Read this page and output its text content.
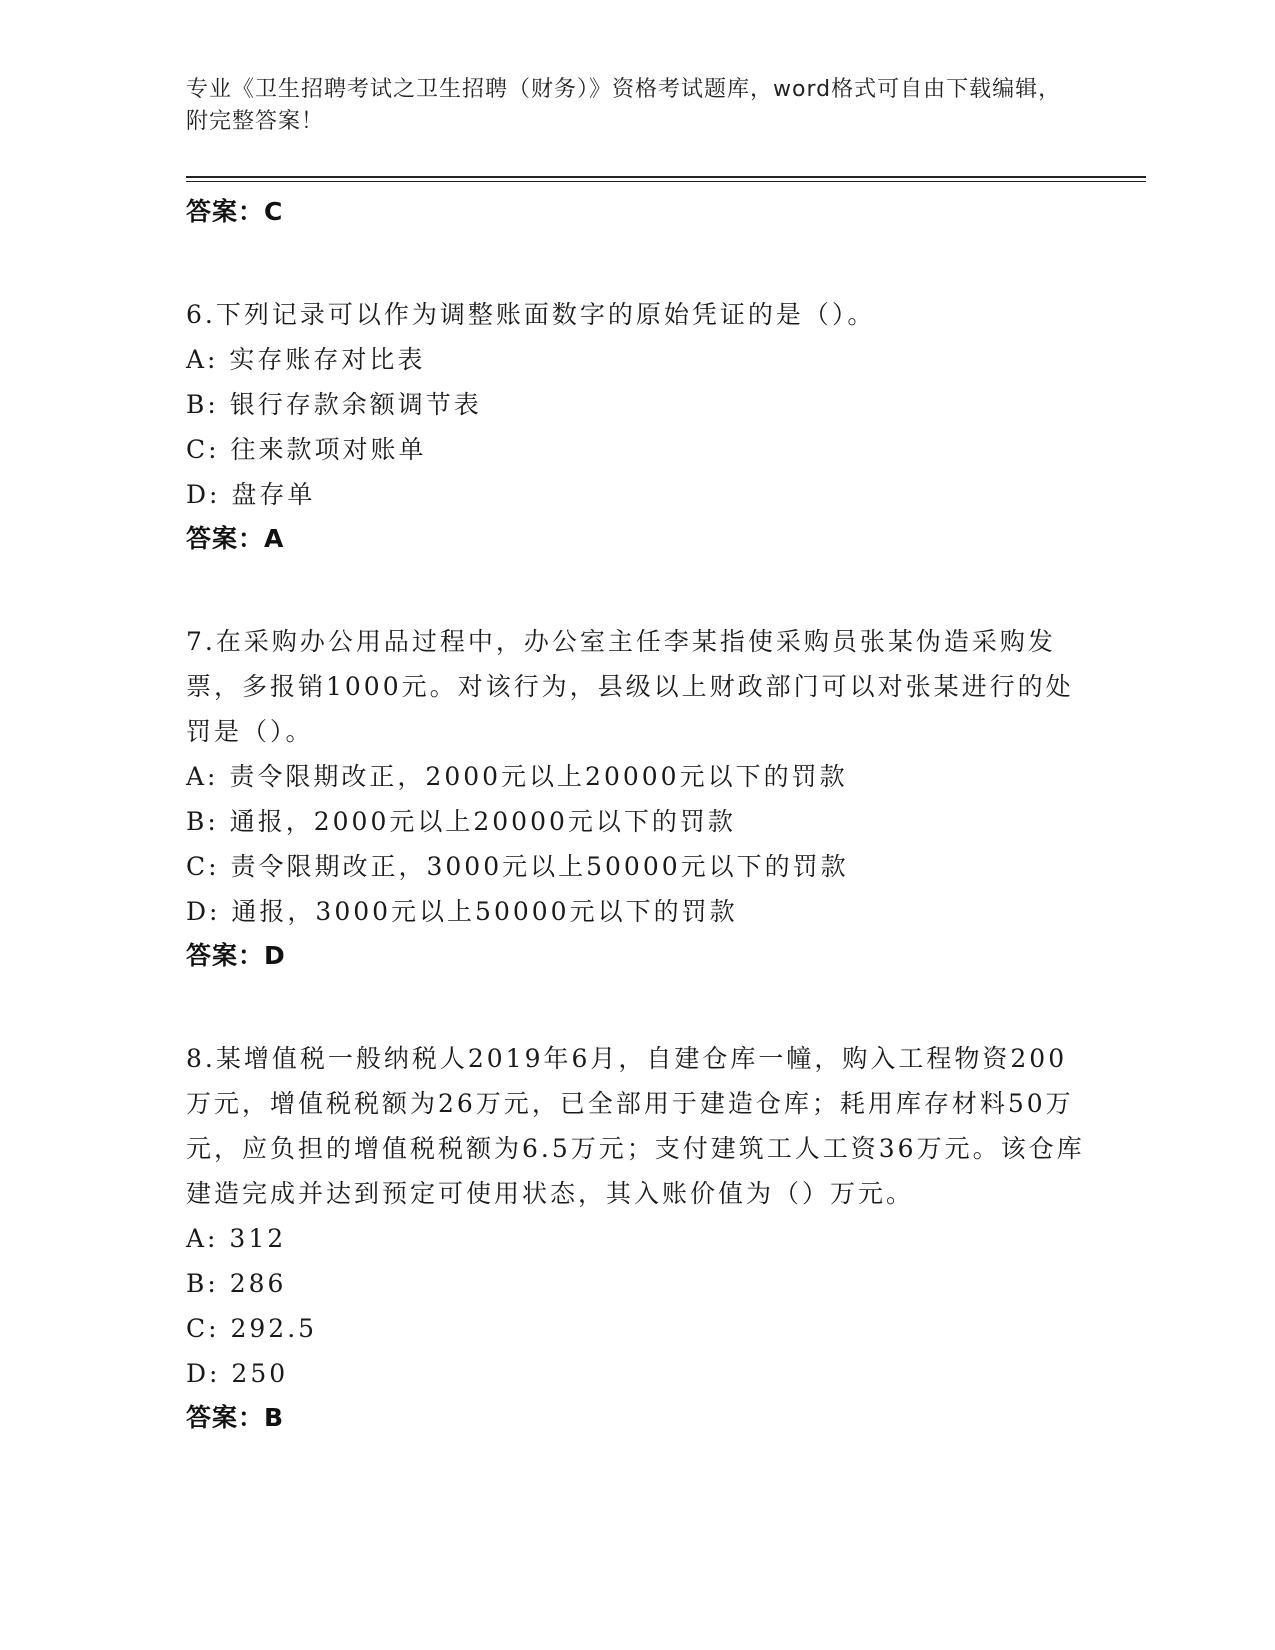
专业《卫生招聘考试之卫生招聘（财务）》资格考试题库，word格式可自由下载编辑，附完整答案！
答案：C
6.下列记录可以作为调整账面数字的原始凭证的是（）。
A: 实存账存对比表
B: 银行存款余额调节表
C: 往来款项对账单
D: 盘存单
答案：A
7.在采购办公用品过程中，办公室主任李某指使采购员张某伪造采购发票，多报销1000元。对该行为，县级以上财政部门可以对张某进行的处罚是（）。
A: 责令限期改正，2000元以上20000元以下的罚款
B: 通报，2000元以上20000元以下的罚款
C: 责令限期改正，3000元以上50000元以下的罚款
D: 通报，3000元以上50000元以下的罚款
答案：D
8.某增值税一般纳税人2019年6月，自建仓库一幢，购入工程物资200万元，增值税税额为26万元，已全部用于建造仓库；耗用库存材料50万元，应负担的增值税税额为6.5万元；支付建筑工人工资36万元。该仓库建造完成并达到预定可使用状态，其入账价值为（）万元。
A: 312
B: 286
C: 292.5
D: 250
答案：B
